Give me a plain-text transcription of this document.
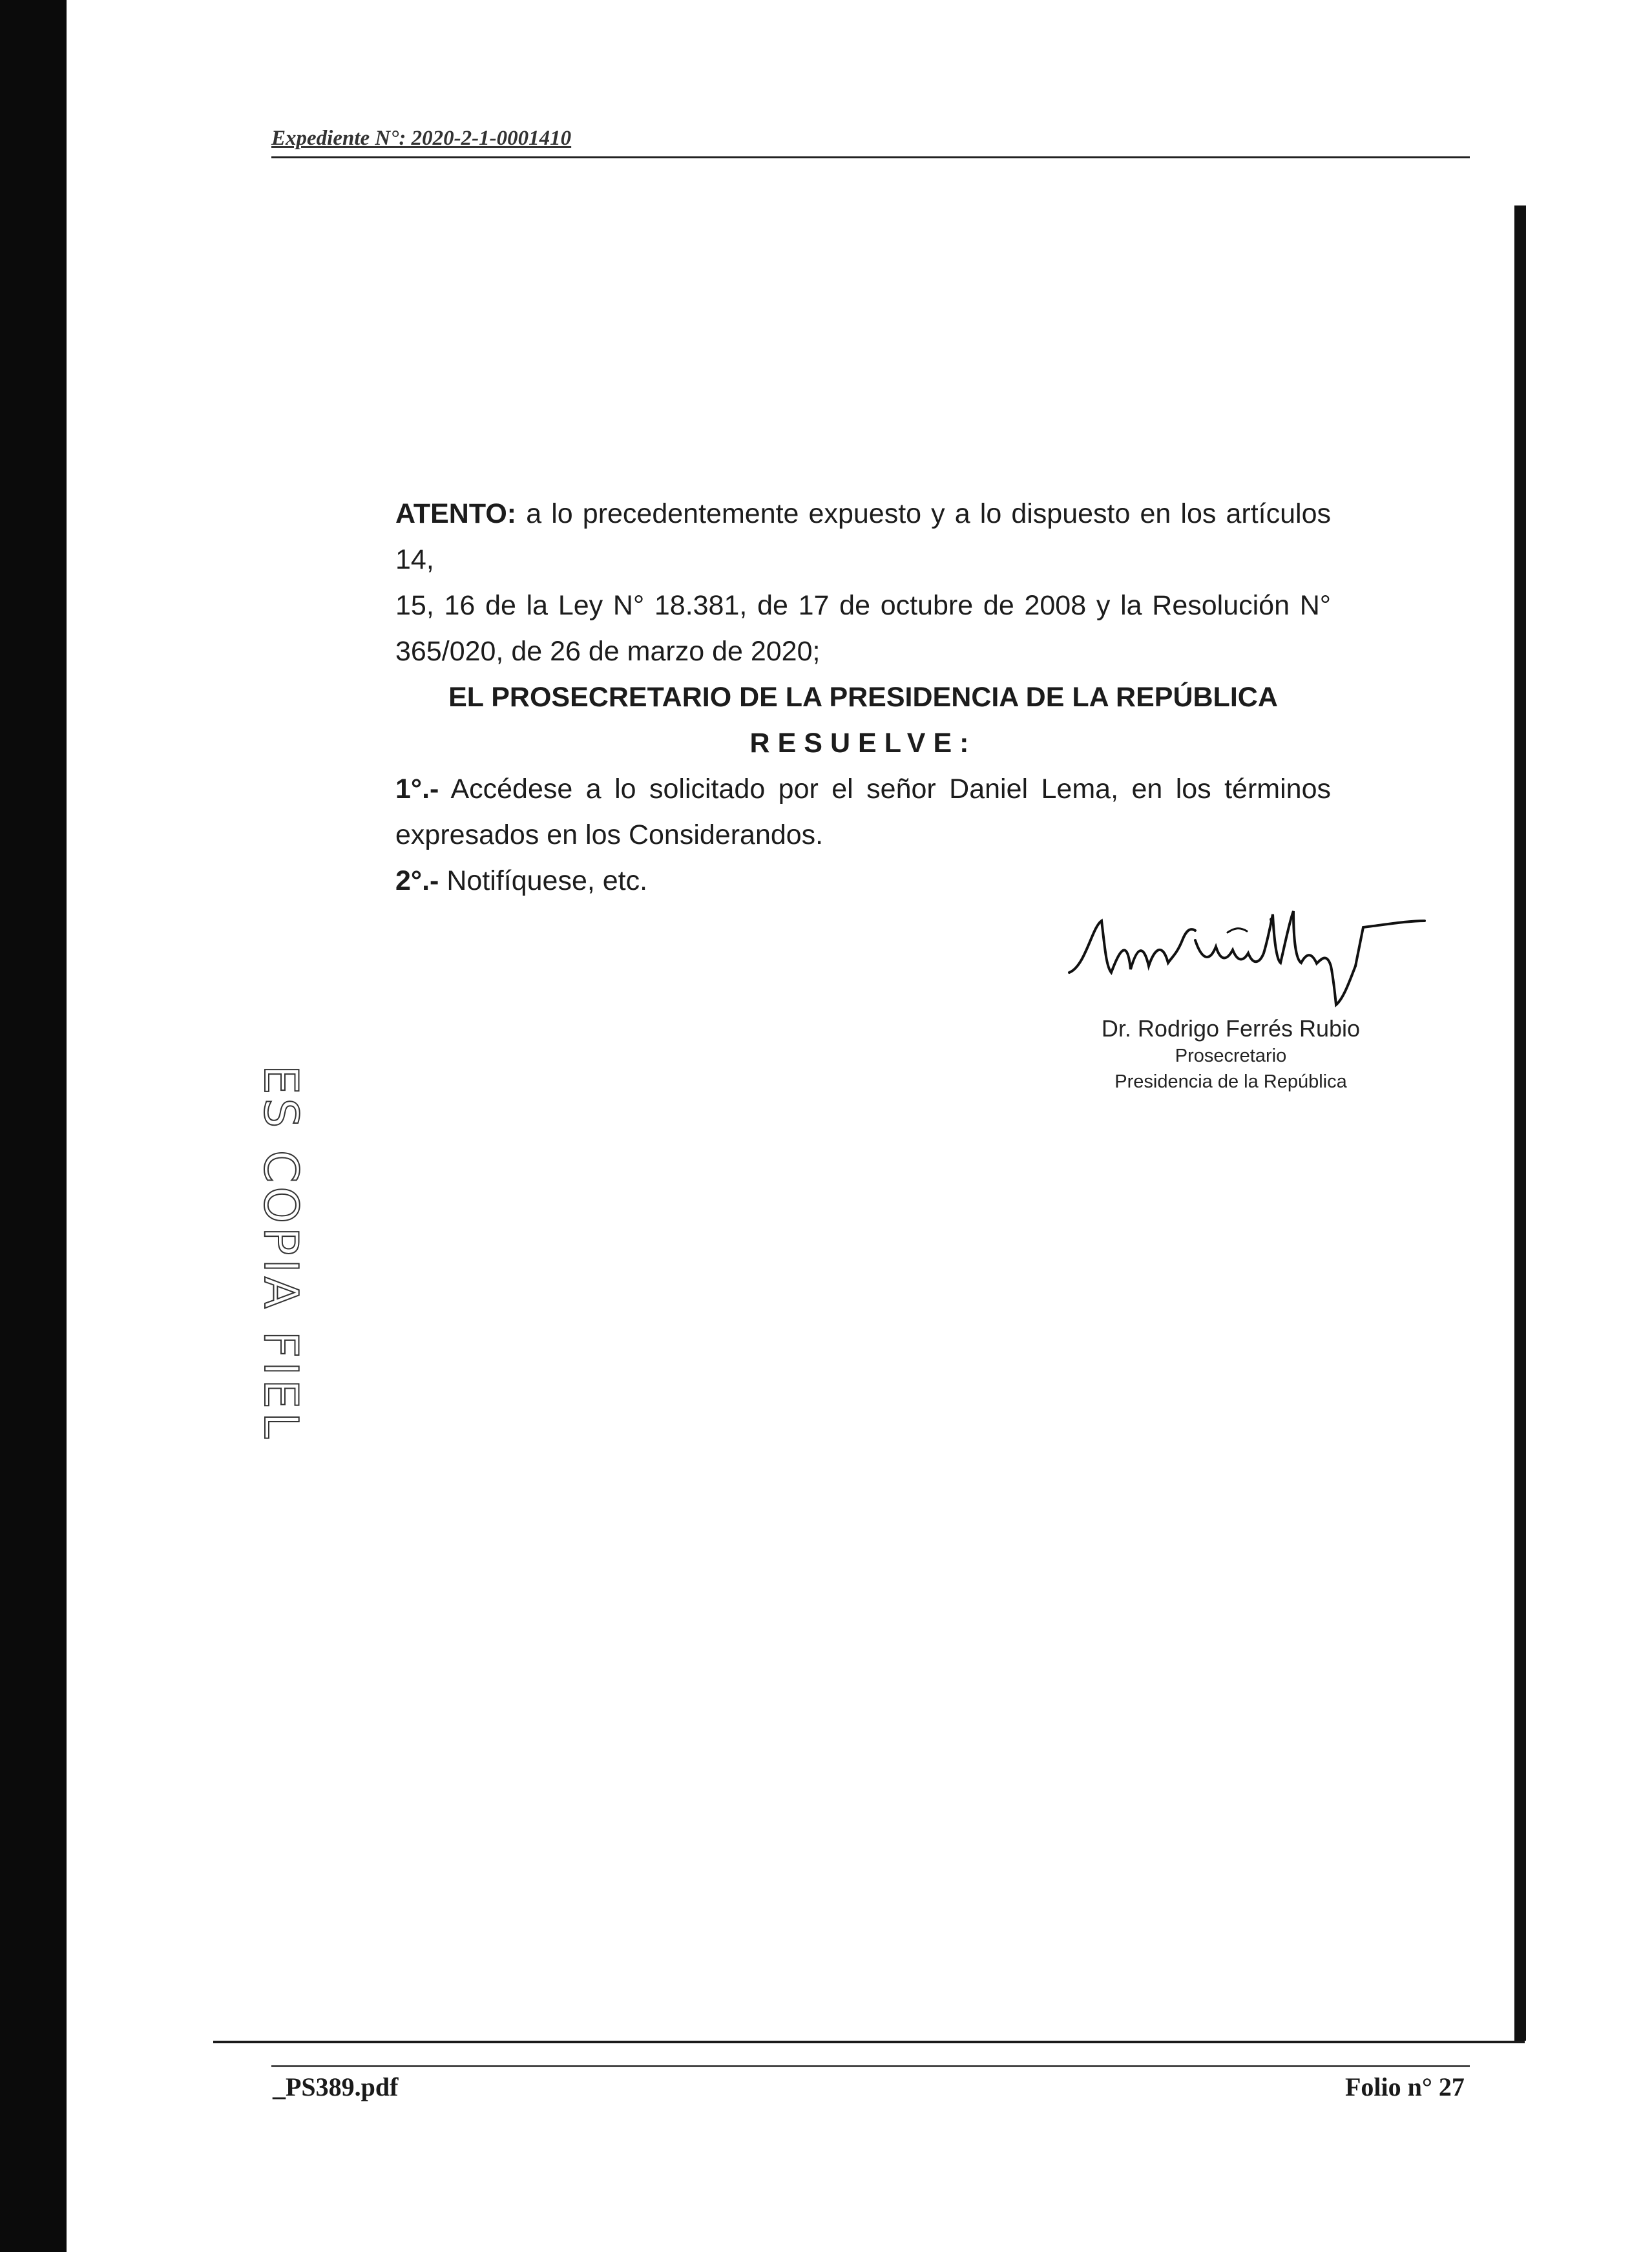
Expediente N°: 2020-2-1-0001410

ATENTO: a lo precedentemente expuesto y a lo dispuesto en los artículos 14,

15, 16 de la Ley N° 18.381, de 17 de octubre de 2008 y la Resolución N°

365/020, de 26 de marzo de 2020;

EL PROSECRETARIO DE LA PRESIDENCIA DE LA REPÚBLICA

RESUELVE:

1°.- Accédese a lo solicitado por el señor Daniel Lema, en los términos

expresados en los Considerandos.

2°.- Notifíquese, etc.

Dr. Rodrigo Ferrés Rubio
Prosecretario
Presidencia de la República
ES COPIA FIEL
_PS389.pdf	Folio n° 27
